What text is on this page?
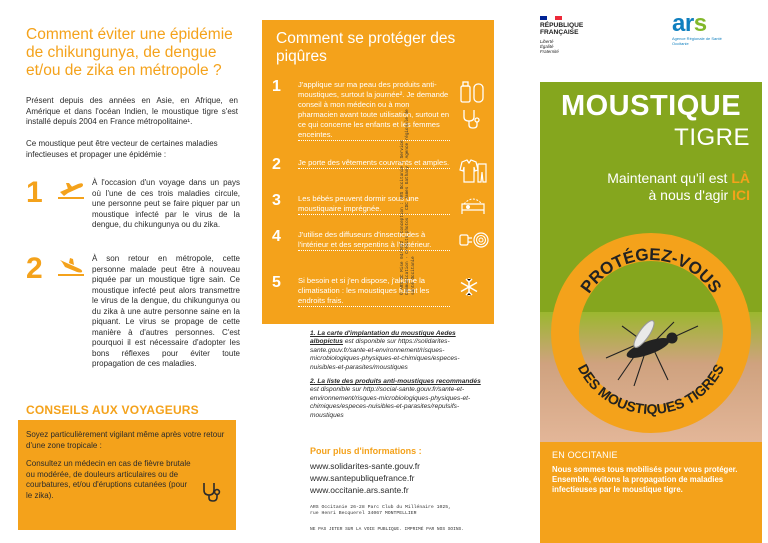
Comment éviter une épidémie de chikungunya, de dengue et/ou de zika en métropole ?

Présent depuis des années en Asie, en Afrique, en Amérique et dans l'océan Indien, le moustique tigre s'est installé depuis 2004 en France métropolitaine¹.

Ce moustique peut être vecteur de certaines maladies infectieuses et propager une épidémie :

1	À l'occasion d'un voyage dans un pays où l'une de ces trois maladies circule, une personne peut se faire piquer par un moustique infecté par le virus de la dengue, du chikungunya ou du zika.

2	À son retour en métropole, cette personne malade peut être à nouveau piquée par un moustique tigre sain. Ce moustique infecté peut alors transmettre le virus de la dengue, du chikungunya ou du zika à une autre personne saine en la piquant. Le virus se propage de cette manière à d'autres personnes. C'est pourquoi il est nécessaire d'adopter les bons réflexes pour éviter toute propagation de ces maladies.

CONSEILS AUX VOYAGEURS

Soyez particulièrement vigilant même après votre retour d'une zone tropicale :

Consultez un médecin en cas de fièvre brutale ou modérée, de douleurs articulaires ou de courbatures, et/ou d'éruptions cutanées (pour le zika).

Comment se protéger des piqûres
1 J'applique sur ma peau des produits anti-moustiques, surtout la journée². Je demande conseil à mon médecin ou à mon pharmacien avant toute utilisation, surtout en ce qui concerne les enfants et les femmes enceintes.

2 Je porte des vêtements couvrants et amples.

3 Les bébés peuvent dormir sous une moustiquaire imprégnée.

4 J'utilise des diffuseurs d'insecticides à l'intérieur et des serpentins à l'extérieur.

5 Si besoin et si j'en dispose, j'allume la climatisation : les moustiques fuient les endroits frais.

1. La carte d'implantation du moustique Aedes albopictus est disponible sur https://solidarites-sante.gouv.fr/sante-et-environnement/risques-microbiologiques-physiques-et-chimiques/especes-nuisibles-et-parasites/moustiques

2. La liste des produits anti-moustiques recommandés est disponible sur http://social-sante.gouv.fr/sante-et-environnement/risques-microbiologiques-physiques-et-chimiques/especes-nuisibles-et-parasites/repulsifs-moustiques

Pour plus d'informations :
www.solidarites-sante.gouv.fr
www.santepubliquefrance.fr
www.occitanie.ars.sante.fr
ARS Occitanie 26-28 Parc Club du Millénaire 1025, rue Henri Becquerel 34067 MONTPELLIER
NE PAS JETER SUR LA VOIE PUBLIQUE. IMPRIMÉ PAR NOS SOINS.
© ARS OC Mise 04/2022 · Conception : ARS Occitanie / Service Communication · Crédits photos : CDC James Gathany · Agence régionale de santé Occitanie
RÉPUBLIQUE FRANÇAISE
Liberté Égalité Fraternité
ars
Agence Régionale de Santé
Occitanie
MOUSTIQUE
TIGRE
Maintenant qu'il est LÀ
à nous d'agir ICI
PROTÉGEZ-VOUS
DES MOUSTIQUES TIGRES
EN OCCITANIE
Nous sommes tous mobilisés pour vous protéger. Ensemble, évitons la propagation de maladies infectieuses par le moustique tigre.
